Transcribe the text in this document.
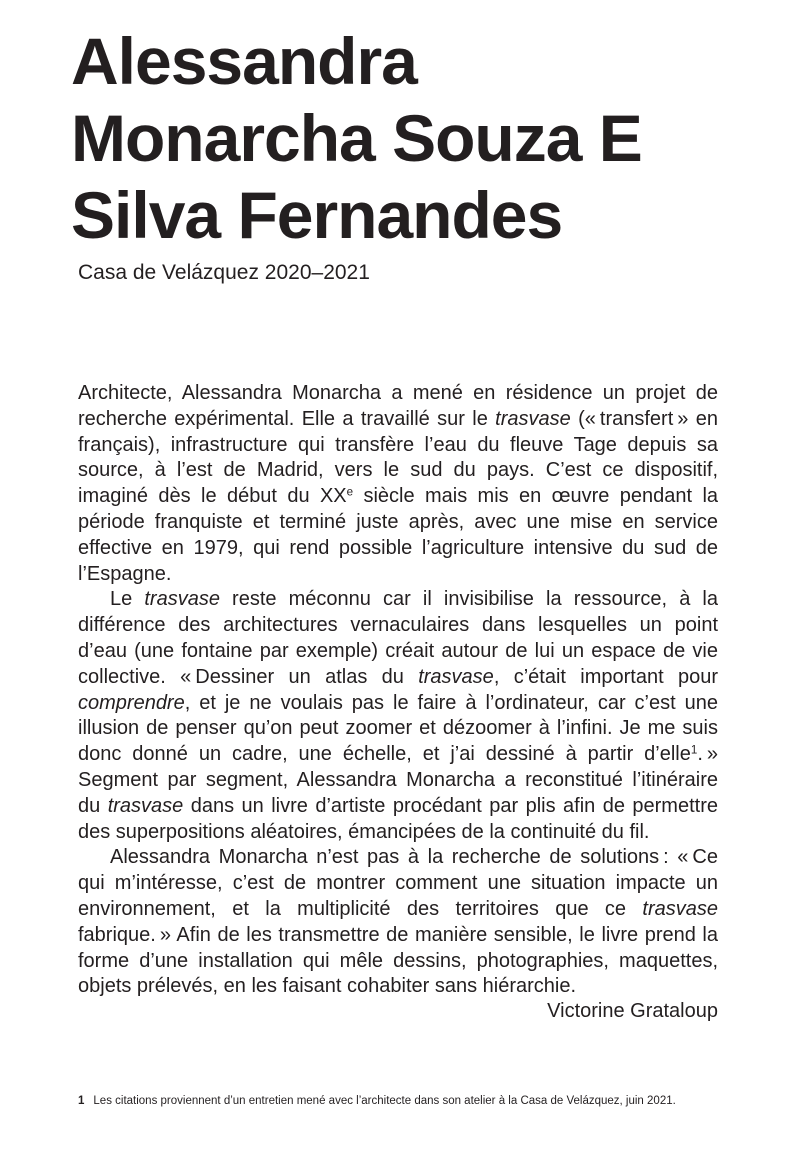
Alessandra
Monarcha Souza E
Silva Fernandes
Casa de Velázquez 2020–2021

Architecte, Alessandra Monarcha a mené en résidence un projet de recherche expérimental. Elle a travaillé sur le trasvase (« transfert » en français), infrastructure qui transfère l’eau du fleuve Tage depuis sa source, à l’est de Madrid, vers le sud du pays. C’est ce dispositif, imaginé dès le début du XXe siècle mais mis en œuvre pendant la période franquiste et terminé juste après, avec une mise en service effective en 1979, qui rend possible l’agriculture intensive du sud de l’Espagne.

Le trasvase reste méconnu car il invisibilise la ressource, à la différence des architectures vernaculaires dans lesquelles un point d’eau (une fontaine par exemple) créait autour de lui un espace de vie collective. « Dessiner un atlas du trasvase, c’était important pour comprendre, et je ne voulais pas le faire à l’ordinateur, car c’est une illusion de penser qu’on peut zoomer et dézoomer à l’infini. Je me suis donc donné un cadre, une échelle, et j’ai dessiné à partir d’elle$^1$. » Segment par segment, Alessandra Monarcha a reconstitué l’itinéraire du trasvase dans un livre d’artiste procédant par plis afin de permettre des superpositions aléatoires, émancipées de la continuité du fil.

Alessandra Monarcha n’est pas à la recherche de solutions : « Ce qui m’intéresse, c’est de montrer comment une situation impacte un environnement, et la multiplicité des territoires que ce trasvase fabrique. » Afin de les transmettre de manière sensible, le livre prend la forme d’une installation qui mêle dessins, photographies, maquettes, objets prélevés, en les faisant cohabiter sans hiérarchie.

Victorine Grataloup
1 Les citations proviennent d’un entretien mené avec l’architecte dans son atelier à la Casa de Velázquez, juin 2021.
